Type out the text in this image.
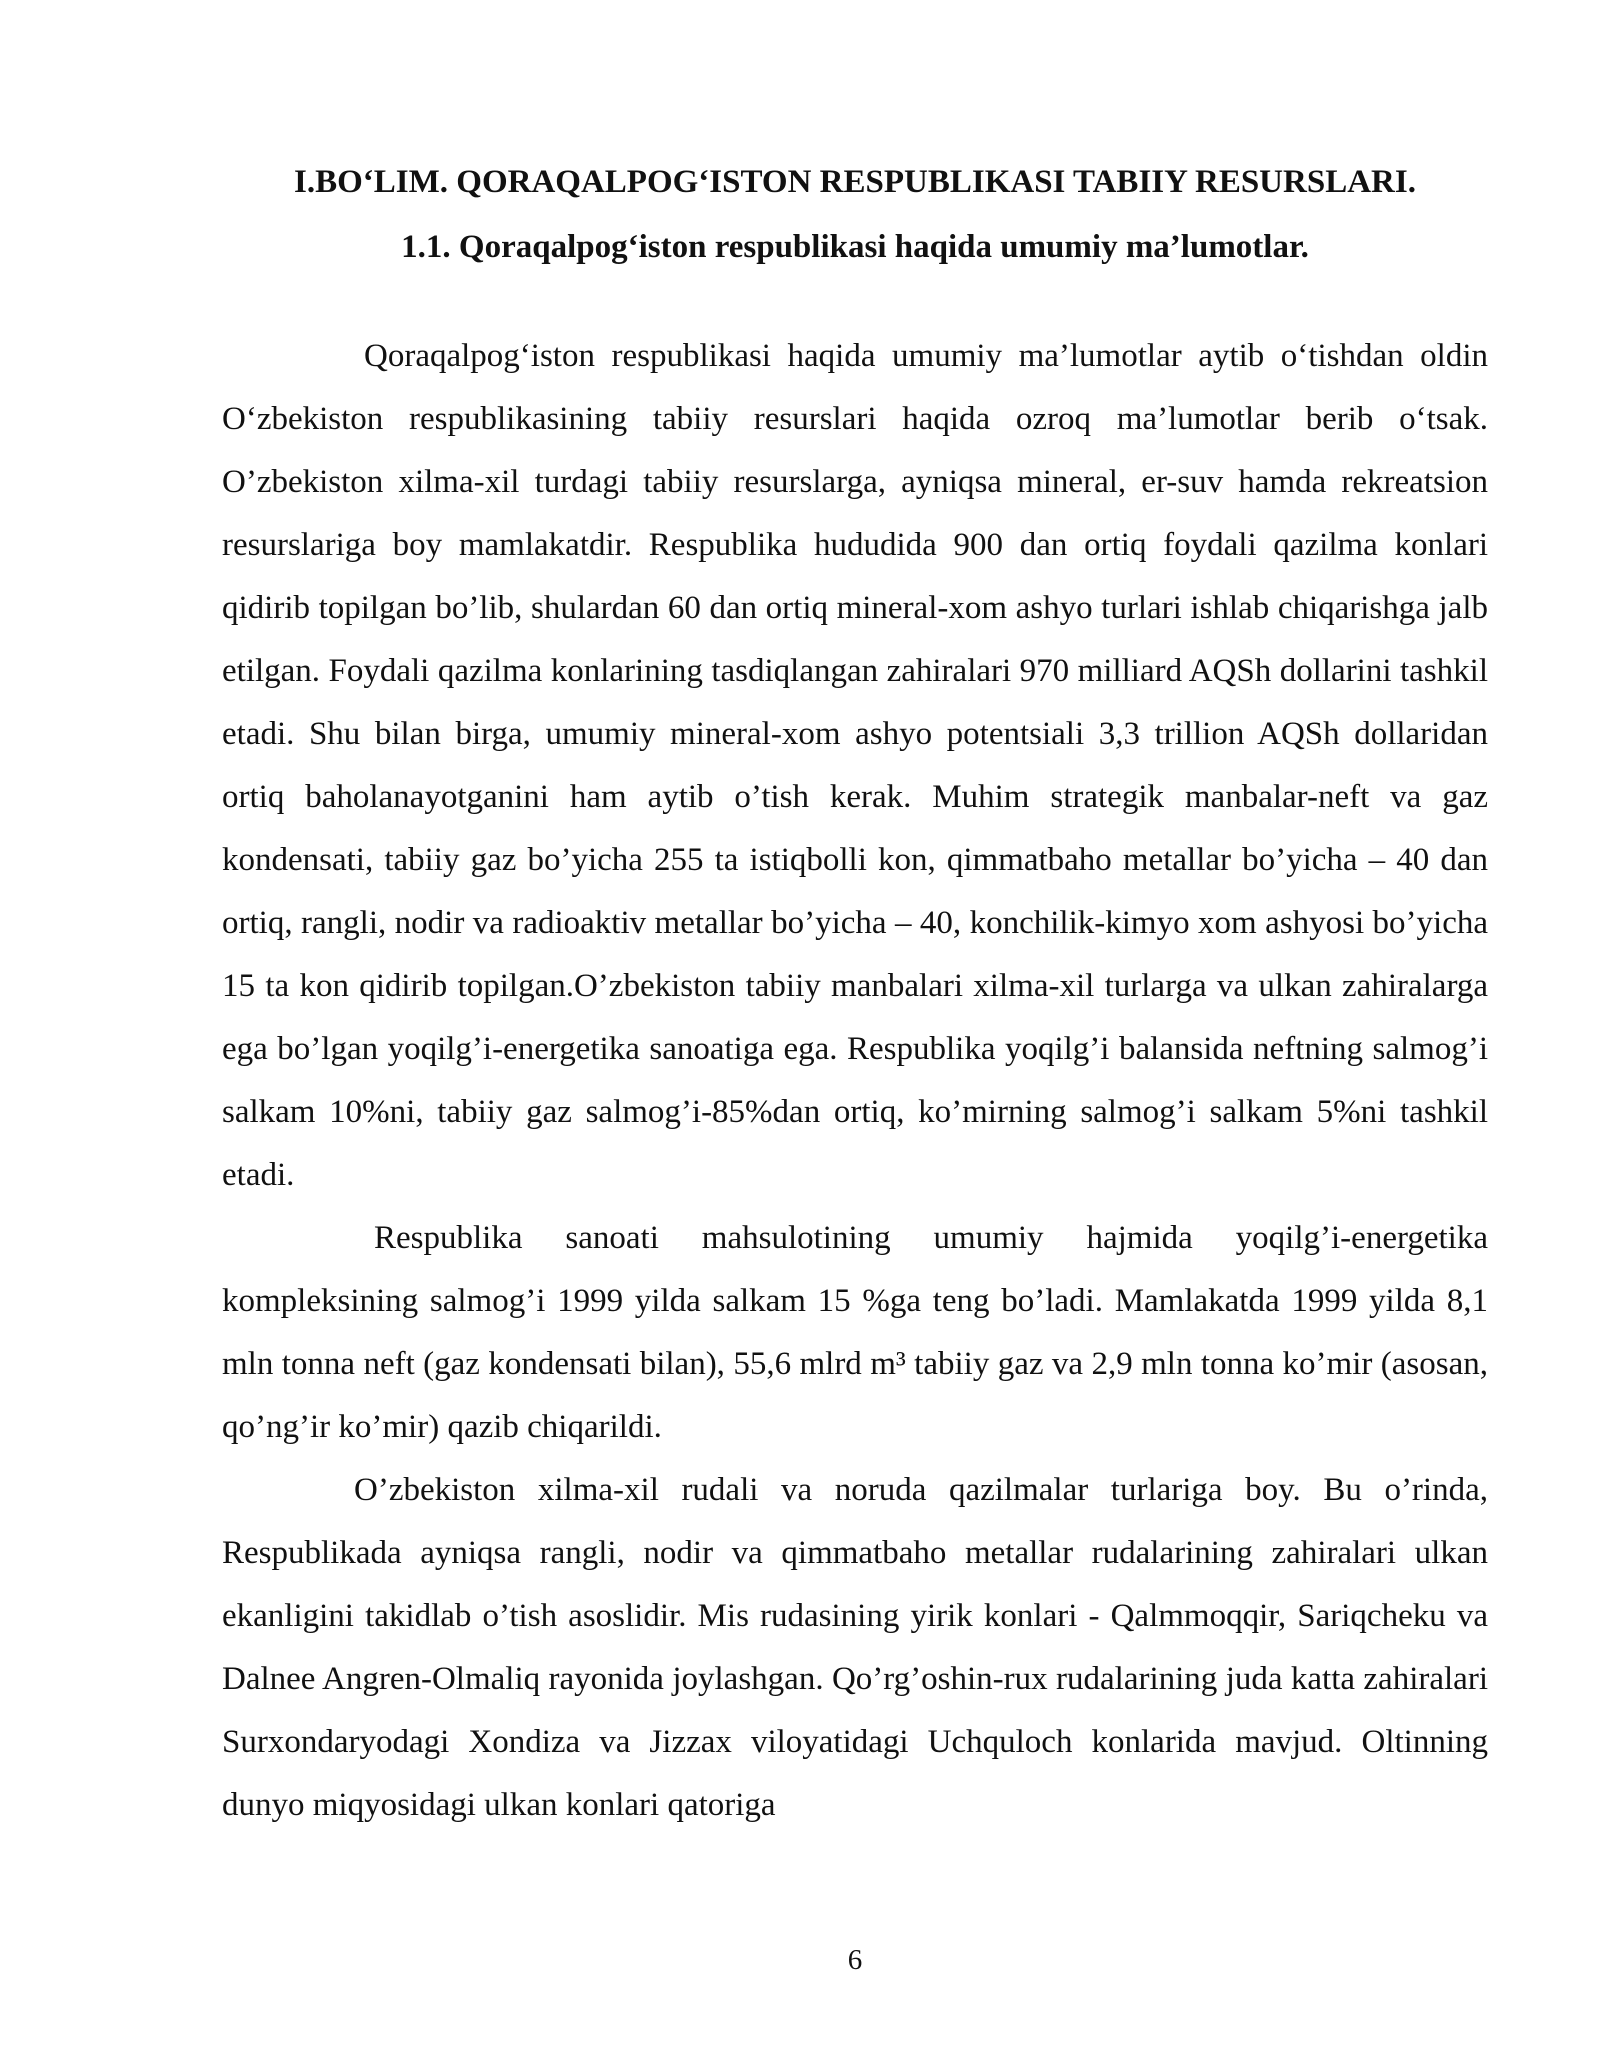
I.BO‘LIM. QORAQALPOG‘ISTON RESPUBLIKASI TABIIY RESURSLARI.
1.1. Qoraqalpog‘iston respublikasi haqida umumiy ma’lumotlar.

Qoraqalpog‘iston respublikasi haqida umumiy ma’lumotlar aytib o‘tishdan oldin O‘zbekiston respublikasining tabiiy resurslari haqida ozroq ma’lumotlar berib o‘tsak. O’zbekiston xilma-xil turdagi tabiiy resurslarga, ayniqsa mineral, er-suv hamda rekreatsion resurslariga boy mamlakatdir. Respublika hududida 900 dan ortiq foydali qazilma konlari qidirib topilgan bo’lib, shulardan 60 dan ortiq mineral-xom ashyo turlari ishlab chiqarishga jalb etilgan. Foydali qazilma konlarining tasdiqlangan zahiralari 970 milliard AQSh dollarini tashkil etadi. Shu bilan birga, umumiy mineral-xom ashyo potentsiali 3,3 trillion AQSh dollaridan ortiq baholanayotganini ham aytib o’tish kerak. Muhim strategik manbalar-neft va gaz kondensati, tabiiy gaz bo’yicha 255 ta istiqbolli kon, qimmatbaho metallar bo’yicha – 40 dan ortiq, rangli, nodir va radioaktiv metallar bo’yicha – 40, konchilik-kimyo xom ashyosi bo’yicha 15 ta kon qidirib topilgan.O’zbekiston tabiiy manbalari xilma-xil turlarga va ulkan zahiralarga ega bo’lgan yoqilg’i-energetika sanoatiga ega. Respublika yoqilg’i balansida neftning salmog’i salkam 10%ni, tabiiy gaz salmog’i-85%dan ortiq, ko’mirning salmog’i salkam 5%ni tashkil etadi.

Respublika sanoati mahsulotining umumiy hajmida yoqilg’i-energetika kompleksining salmog’i 1999 yilda salkam 15 %ga teng bo’ladi. Mamlakatda 1999 yilda 8,1 mln tonna neft (gaz kondensati bilan), 55,6 mlrd m³ tabiiy gaz va 2,9 mln tonna ko’mir (asosan, qo’ng’ir ko’mir) qazib chiqarildi.

O’zbekiston xilma-xil rudali va noruda qazilmalar turlariga boy. Bu o’rinda, Respublikada ayniqsa rangli, nodir va qimmatbaho metallar rudalarining zahiralari ulkan ekanligini takidlab o’tish asoslidir. Mis rudasining yirik konlari - Qalmmoqqir, Sariqcheku va Dalnee Angren-Olmaliq rayonida joylashgan. Qo’rg’oshin-rux rudalarining juda katta zahiralari Surxondaryodagi Xondiza va Jizzax viloyatidagi Uchquloch konlarida mavjud. Oltinning dunyo miqyosidagi ulkan konlari qatoriga

6
